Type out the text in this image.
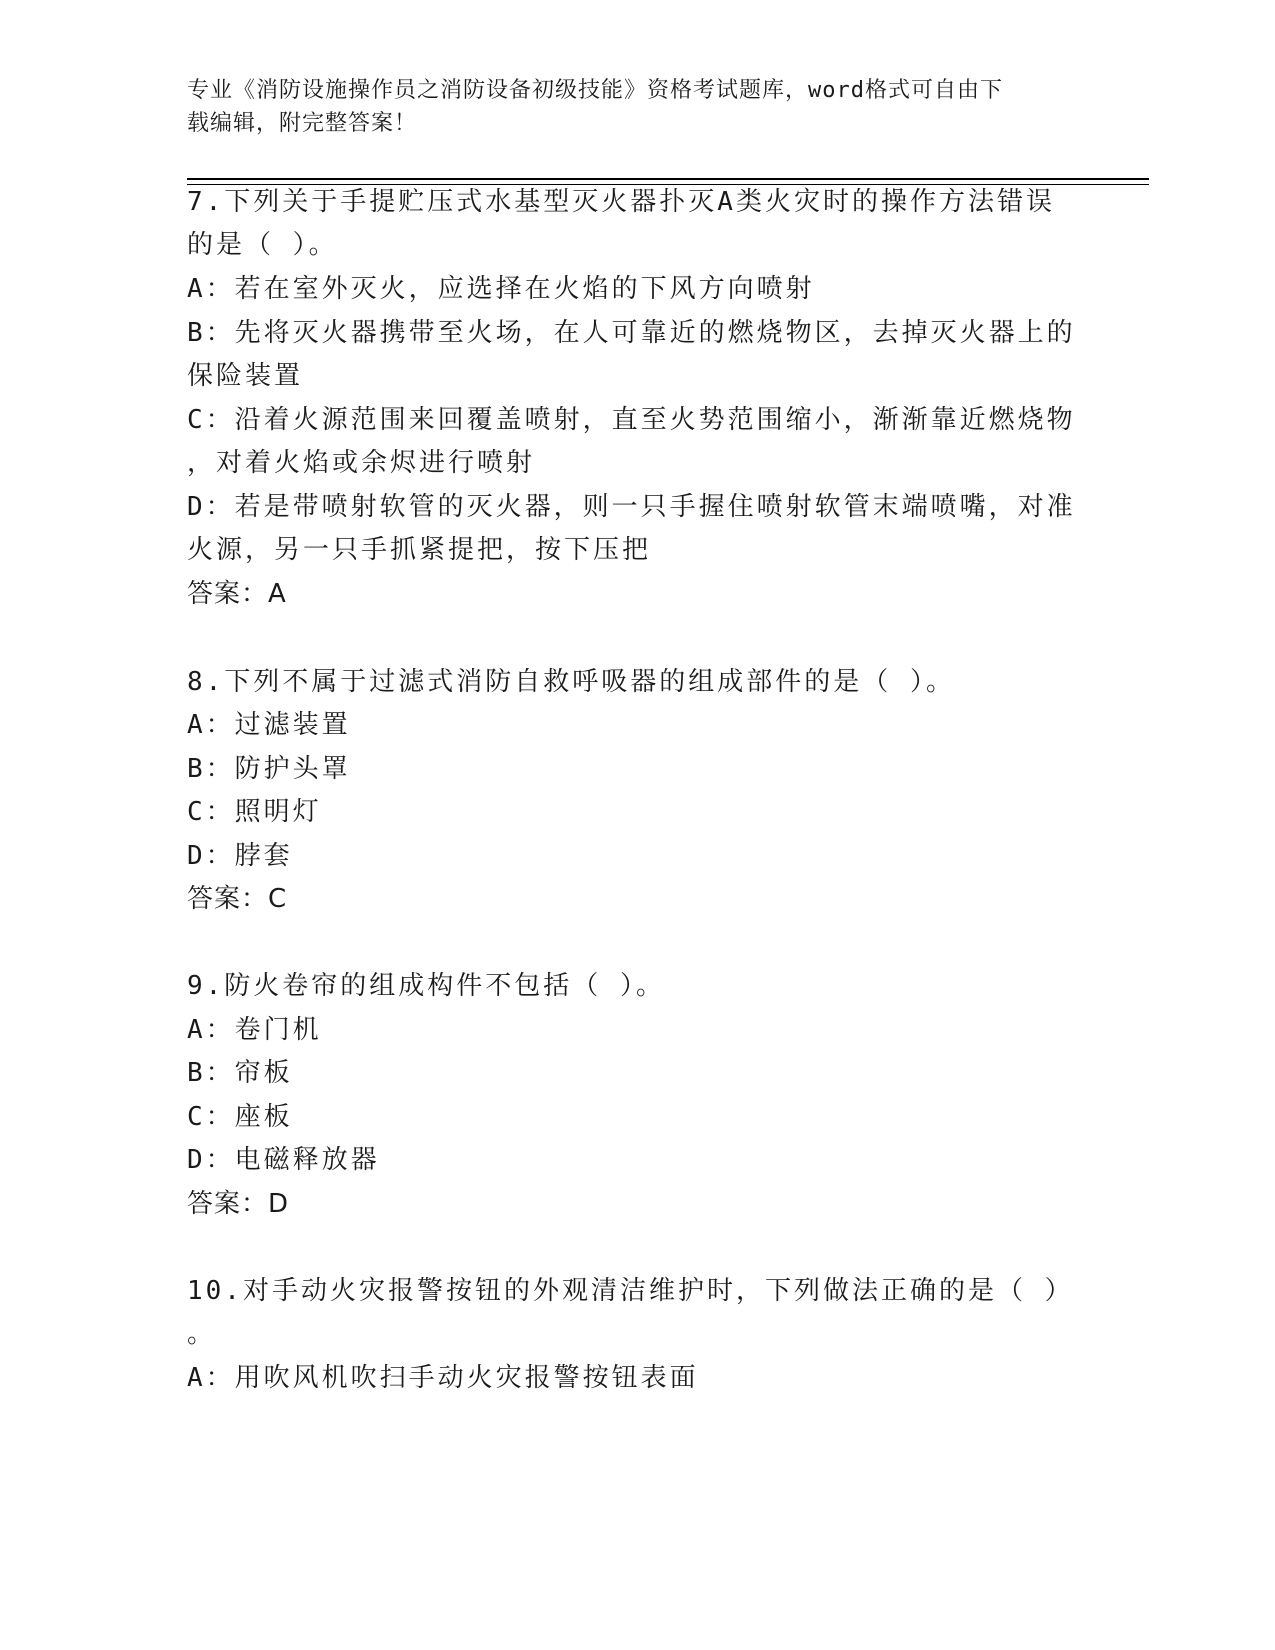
专业《消防设施操作员之消防设备初级技能》资格考试题库，word格式可自由下
载编辑，附完整答案！
7.下列关于手提贮压式水基型灭火器扑灭A类火灾时的操作方法错误
的是（ ）。
A：若在室外灭火，应选择在火焰的下风方向喷射
B：先将灭火器携带至火场，在人可靠近的燃烧物区，去掉灭火器上的
保险装置
C：沿着火源范围来回覆盖喷射，直至火势范围缩小，渐渐靠近燃烧物
，对着火焰或余烬进行喷射
D：若是带喷射软管的灭火器，则一只手握住喷射软管末端喷嘴，对准
火源，另一只手抓紧提把，按下压把
答案：A
8.下列不属于过滤式消防自救呼吸器的组成部件的是（ ）。
A：过滤装置
B：防护头罩
C：照明灯
D：脖套
答案：C
9.防火卷帘的组成构件不包括（ ）。
A：卷门机
B：帘板
C：座板
D：电磁释放器
答案：D
10.对手动火灾报警按钮的外观清洁维护时，下列做法正确的是（ ）
。
A：用吹风机吹扫手动火灾报警按钮表面
